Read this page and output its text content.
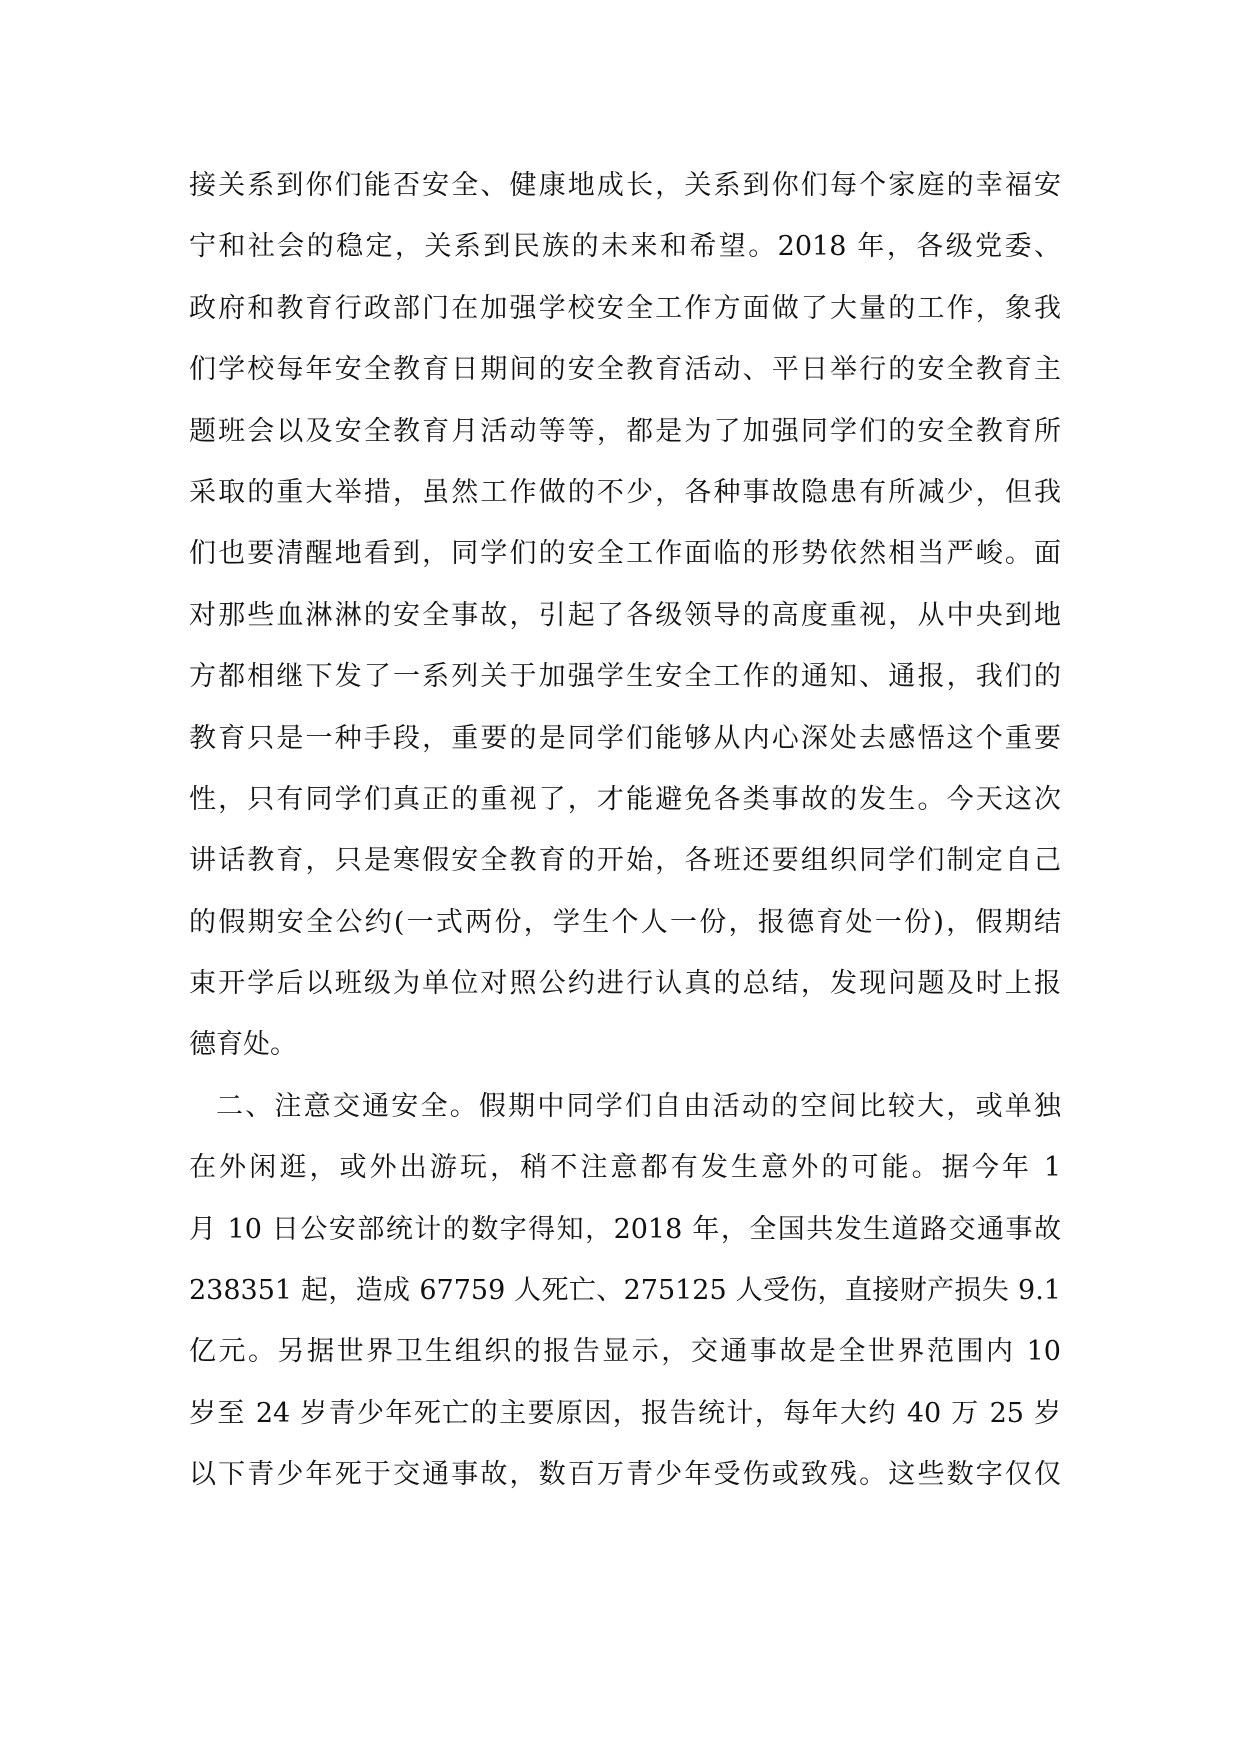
接关系到你们能否安全、健康地成长，关系到你们每个家庭的幸福安
宁和社会的稳定，关系到民族的未来和希望。2018 年，各级党委、
政府和教育行政部门在加强学校安全工作方面做了大量的工作，象我
们学校每年安全教育日期间的安全教育活动、平日举行的安全教育主
题班会以及安全教育月活动等等，都是为了加强同学们的安全教育所
采取的重大举措，虽然工作做的不少，各种事故隐患有所减少，但我
们也要清醒地看到，同学们的安全工作面临的形势依然相当严峻。面
对那些血淋淋的安全事故，引起了各级领导的高度重视，从中央到地
方都相继下发了一系列关于加强学生安全工作的通知、通报，我们的
教育只是一种手段，重要的是同学们能够从内心深处去感悟这个重要
性，只有同学们真正的重视了，才能避免各类事故的发生。今天这次
讲话教育，只是寒假安全教育的开始，各班还要组织同学们制定自己
的假期安全公约(一式两份，学生个人一份，报德育处一份)，假期结
束开学后以班级为单位对照公约进行认真的总结，发现问题及时上报
德育处。
二、注意交通安全。假期中同学们自由活动的空间比较大，或单独
在外闲逛，或外出游玩，稍不注意都有发生意外的可能。据今年 1
月 10 日公安部统计的数字得知，2018 年，全国共发生道路交通事故
238351 起，造成 67759 人死亡、275125 人受伤，直接财产损失 9.1
亿元。另据世界卫生组织的报告显示，交通事故是全世界范围内 10
岁至 24 岁青少年死亡的主要原因，报告统计，每年大约 40 万 25 岁
以下青少年死于交通事故，数百万青少年受伤或致残。这些数字仅仅
